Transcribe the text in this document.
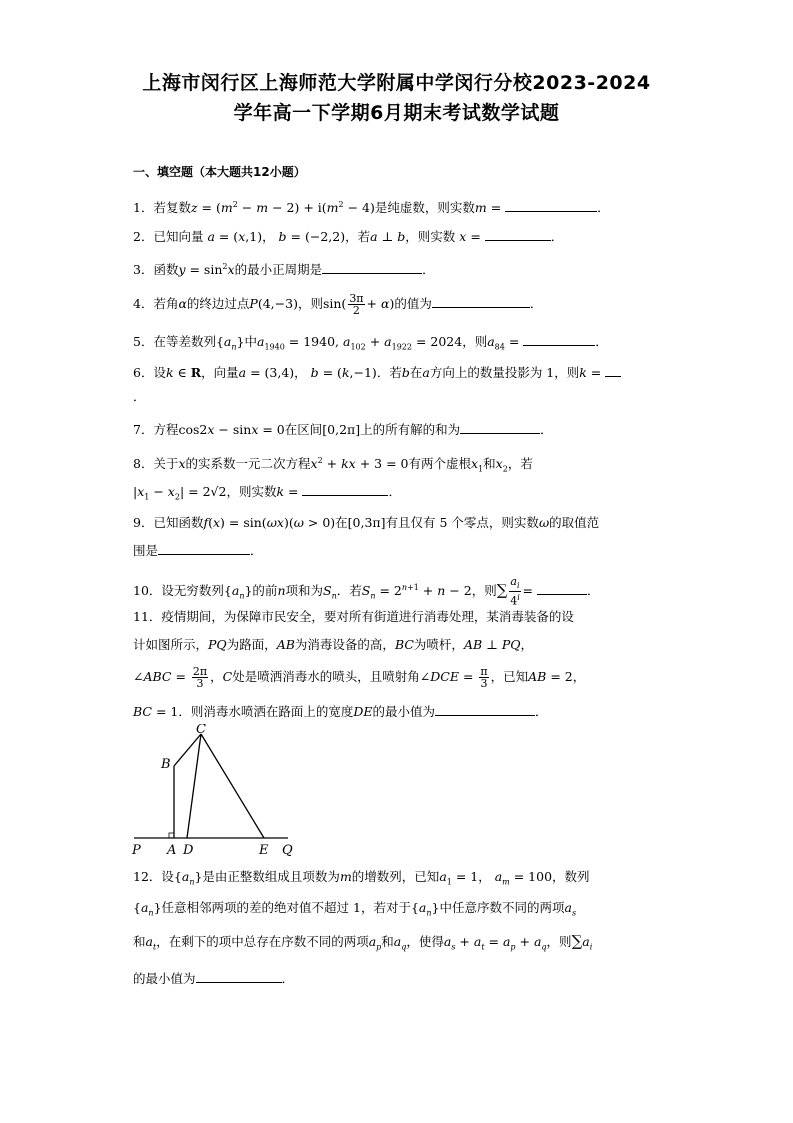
上海市闵行区上海师范大学附属中学闵行分校2023-2024
学年高一下学期6月期末考试数学试题
一、填空题（本大题共12小题）
1．若复数$z = (m^2 - m - 2) + i(m^2 - 4)$是纯虚数，则实数m =	．
2．已知向量 a = (x,1)， b = (−2,2)，若a ⊥ b，则实数 x =	．
3．函数$y = \sin^2x$的最小正周期是	．
4．若角α的终边过点P(4,−3)，则$\sin( \frac{3\pi}{2} + \alpha)$的值为	．
5．在等差数列$\{a_n\}$中$a_{1940} = 1940$, $a_{102} + a_{1922} = 2024$，则$a_{84}$ =	．
6．设k ∈ R，向量a = (3,4)， b = (k,−1)．若b在a方向上的数量投影为 1，则k =
．
7．方程cos2x − sinx = 0在区间[0,2π]上的所有解的和为	．
8．关于x的实系数一元二次方程$x^2$ + kx + 3 = 0有两个虚根$x_1$和$x_2$，若
$|x_1 - x_2| = 2√2$，则实数k =	．
9．已知函数f(x) = sin(ωx)(ω > 0)在[0,3π]有且仅有 5 个零点，则实数ω的取值范
围是	．
10．设无穷数列$\{a_n\}$的前n项和为$S_n$．若$S_n = 2^{n+1} + n - 2$，则∑ $\frac{a_i}{4^i}$ =	．
11．疫情期间，为保障市民安全，要对所有街道进行消毒处理，某消毒装备的设
计如图所示，PQ为路面，AB为消毒设备的高，BC为喷杆，AB ⊥ PQ，
∠ABC = $\frac{2\pi}{3}$ ，C处是喷洒消毒水的喷头，且喷射角∠DCE = $\frac{\pi}{3}$ ，已知AB = 2，
BC = 1．则消毒水喷洒在路面上的宽度DE的最小值为	．
C
B
P A D	E Q
12．设$\{a_n\}$是由正整数组成且项数为m的增数列，已知$a_1 = 1$， $a_m = 100$，数列
$\{a_n\}$任意相邻两项的差的绝对值不超过 1，若对于$\{a_n\}$中任意序数不同的两项$a_s$
和$a_t$，在剩下的项中总存在序数不同的两项$a_p$和$a_q$，使得$a_s + a_t = a_p + a_q$，则$\sum a_i$
的最小值为	．
